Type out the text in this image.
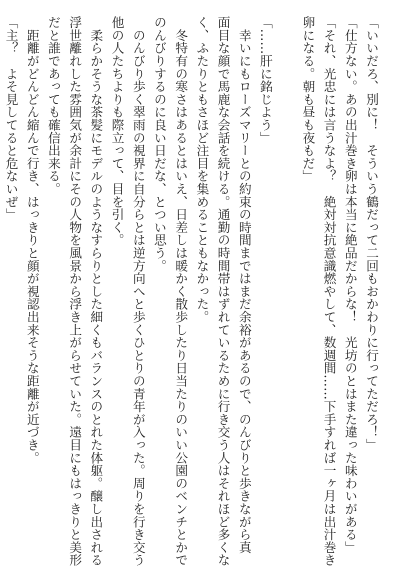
「いいだろ、別に！　そういう鶴だって二回もおかわりに行ってただろ！」
「仕方ない。あの出汁巻き卵は本当に絶品だからな！　光坊のとはまた違った味わいがある」
「それ、光忠には言うなよ？　絶対対抗意識燃やして、数週間……下手すれば一ヶ月は出汁巻き
卵になる。朝も昼も夜もだ」

「……肝に銘じよう」
　幸いにもローズマリーとの約束の時間まではまだ余裕があるので、のんびりと歩きながら真
面目な顔で馬鹿な会話を続ける。通勤の時間帯はずれているために行き交う人はそれほど多くな
く、ふたりともさほど注目を集めることもなかった。
　冬特有の寒さはあるとはいえ、日差しは暖かく散歩したり日当たりのいい公園のベンチとかで
のんびりするのに良い日だな、とつい思う。
　のんびり歩く翠雨の視界に自分らとは逆方向へと歩くひとりの青年が入った。周りを行き交う
他の人たちよりも際立って、目を引く。
　柔らかそうな茶髪にモデルのようなすらりとした細くもバランスのとれた体躯。醸し出される
浮世離れした雰囲気が余計にその人物を風景から浮き上がらせていた。遠目にもはっきりと美形
だと誰であっても確信出来る。
　距離がどんどん縮んで行き、はっきりと顔が視認出来そうな距離が近づき。
「主？　よそ見してると危ないぜ」
